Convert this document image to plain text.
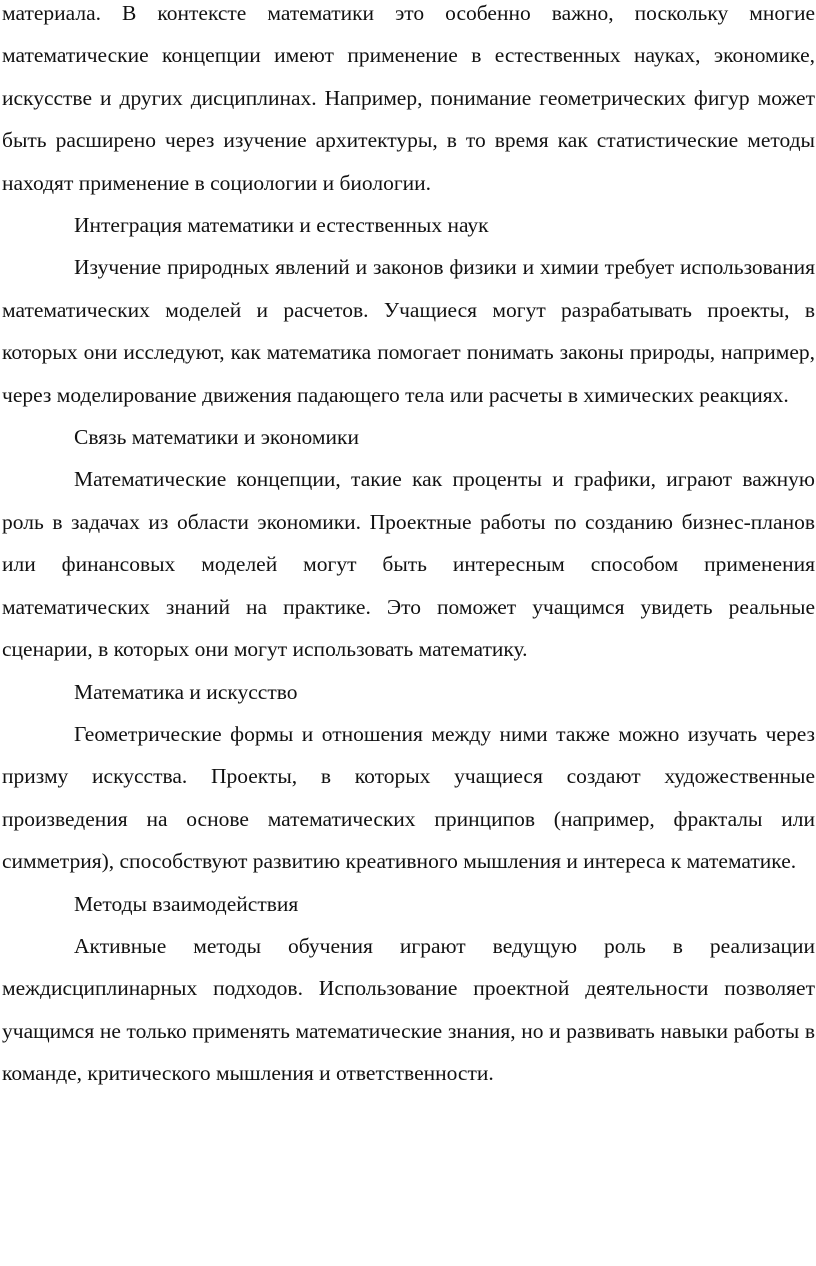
материала. В контексте математики это особенно важно, поскольку многие математические концепции имеют применение в естественных науках, экономике, искусстве и других дисциплинах. Например, понимание геометрических фигур может быть расширено через изучение архитектуры, в то время как статистические методы находят применение в социологии и биологии.

Интеграция математики и естественных наук

Изучение природных явлений и законов физики и химии требует использования математических моделей и расчетов. Учащиеся могут разрабатывать проекты, в которых они исследуют, как математика помогает понимать законы природы, например, через моделирование движения падающего тела или расчеты в химических реакциях.

Связь математики и экономики

Математические концепции, такие как проценты и графики, играют важную роль в задачах из области экономики. Проектные работы по созданию бизнес-планов или финансовых моделей могут быть интересным способом применения математических знаний на практике. Это поможет учащимся увидеть реальные сценарии, в которых они могут использовать математику.

Математика и искусство

Геометрические формы и отношения между ними также можно изучать через призму искусства. Проекты, в которых учащиеся создают художественные произведения на основе математических принципов (например, фракталы или симметрия), способствуют развитию креативного мышления и интереса к математике.

Методы взаимодействия

Активные методы обучения играют ведущую роль в реализации междисциплинарных подходов. Использование проектной деятельности позволяет учащимся не только применять математические знания, но и развивать навыки работы в команде, критического мышления и ответственности.
